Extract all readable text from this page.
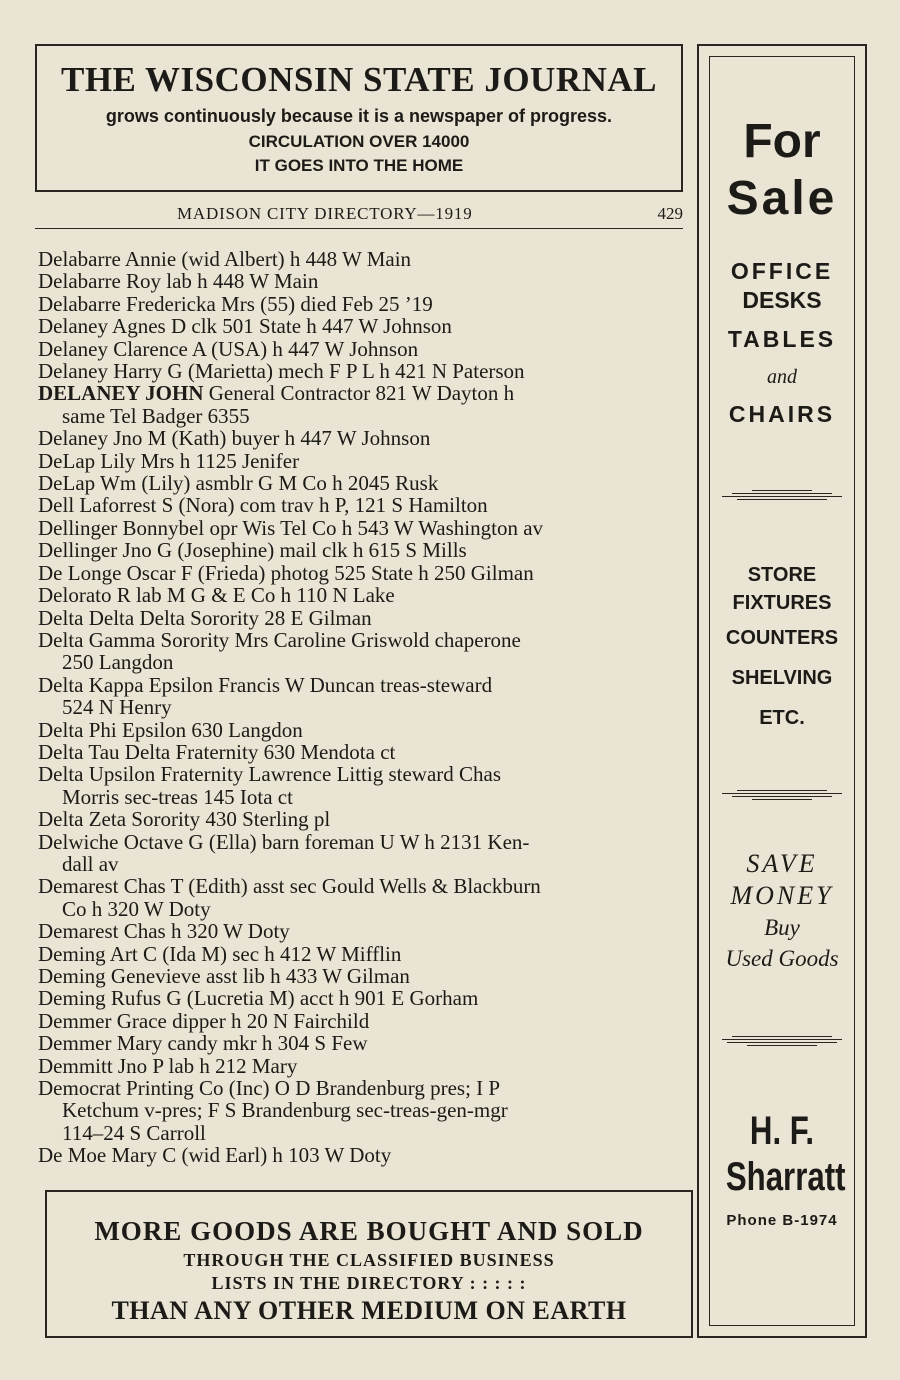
THE WISCONSIN STATE JOURNAL
grows continuously because it is a newspaper of progress.
CIRCULATION OVER 14000
IT GOES INTO THE HOME
MADISON CITY DIRECTORY—1919	429
Delabarre Annie (wid Albert) h 448 W Main
Delabarre Roy lab h 448 W Main
Delabarre Fredericka Mrs (55) died Feb 25 ’19
Delaney Agnes D clk 501 State h 447 W Johnson
Delaney Clarence A (USA) h 447 W Johnson
Delaney Harry G (Marietta) mech F P L h 421 N Paterson
DELANEY JOHN General Contractor 821 W Dayton h
same Tel Badger 6355
Delaney Jno M (Kath) buyer h 447 W Johnson
DeLap Lily Mrs h 1125 Jenifer
DeLap Wm (Lily) asmblr G M Co h 2045 Rusk
Dell Laforrest S (Nora) com trav h P, 121 S Hamilton
Dellinger Bonnybel opr Wis Tel Co h 543 W Washington av
Dellinger Jno G (Josephine) mail clk h 615 S Mills
De Longe Oscar F (Frieda) photog 525 State h 250 Gilman
Delorato R lab M G & E Co h 110 N Lake
Delta Delta Delta Sorority 28 E Gilman
Delta Gamma Sorority Mrs Caroline Griswold chaperone
250 Langdon
Delta Kappa Epsilon Francis W Duncan treas-steward
524 N Henry
Delta Phi Epsilon 630 Langdon
Delta Tau Delta Fraternity 630 Mendota ct
Delta Upsilon Fraternity Lawrence Littig steward Chas
Morris sec-treas 145 Iota ct
Delta Zeta Sorority 430 Sterling pl
Delwiche Octave G (Ella) barn foreman U W h 2131 Ken-
dall av
Demarest Chas T (Edith) asst sec Gould Wells & Blackburn
Co h 320 W Doty
Demarest Chas h 320 W Doty
Deming Art C (Ida M) sec h 412 W Mifflin
Deming Genevieve asst lib h 433 W Gilman
Deming Rufus G (Lucretia M) acct h 901 E Gorham
Demmer Grace dipper h 20 N Fairchild
Demmer Mary candy mkr h 304 S Few
Demmitt Jno P lab h 212 Mary
Democrat Printing Co (Inc) O D Brandenburg pres; I P
Ketchum v-pres; F S Brandenburg sec-treas-gen-mgr
114–24 S Carroll
De Moe Mary C (wid Earl) h 103 W Doty
For
Sale
OFFICE
DESKS
TABLES
and
CHAIRS
STORE
FIXTURES
COUNTERS
SHELVING
ETC.
SAVE
MONEY
Buy
Used Goods
H. F.
Sharratt
Phone B-1974
MORE GOODS ARE BOUGHT AND SOLD
THROUGH THE CLASSIFIED BUSINESS
LISTS IN THE DIRECTORY : : : : :
THAN ANY OTHER MEDIUM ON EARTH
